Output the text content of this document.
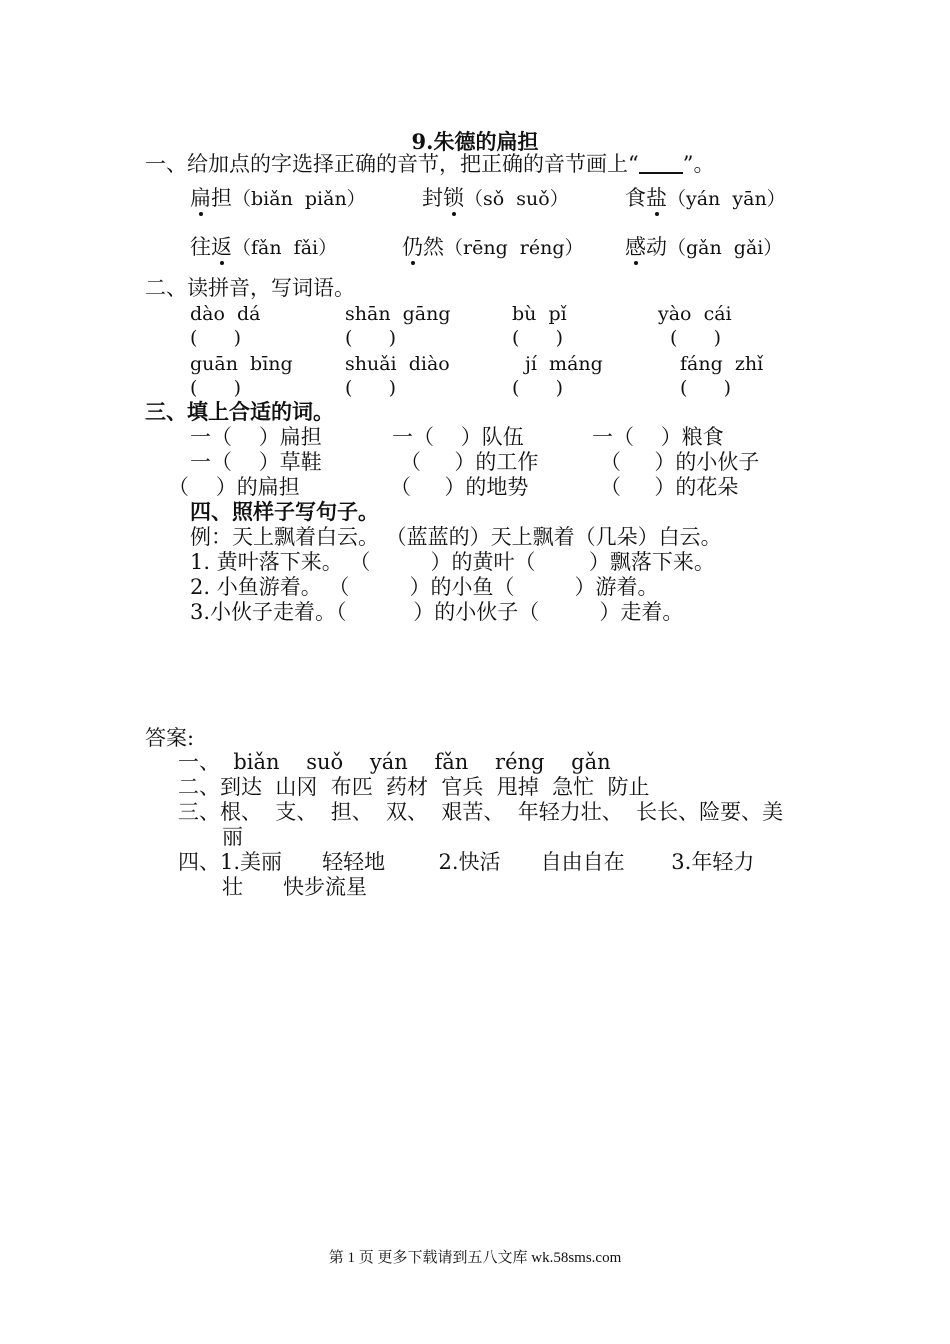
9.朱德的扁担
一、给加点的字选择正确的音节，把正确的音节画上“ ”。
扁担（biǎn  piǎn）	封锁（sǒ  suǒ）	食盐（yán  yān）
往返（fǎn  fǎi）	仍然（rēng  réng） 感动（gǎn  gǎi）
二、读拼音，写词语。
dào  dá	shān  gāng	bù  pǐ	yào  cái
(      )	(      )	(      )	(      )
guān  bīng	shuǎi  diào	jí  máng	fáng  zhǐ
(      )	(      )	(      )	(      )
三、填上合适的词。
一（    ）扁担	一（    ）队伍	一（    ）粮食
一（    ）草鞋	（     ）的工作	（     ）的小伙子
（    ）的扁担	（     ）的地势	（     ）的花朵
四、照样子写句子。
例：天上飘着白云。 （蓝蓝的）天上飘着（几朵）白云。
1. 黄叶落下来。 （         ）的黄叶（        ）飘落下来。
2. 小鱼游着。 （         ）的小鱼（         ）游着。
3.小伙子走着。（          ）的小伙子（         ）走着。
答案:
一、  biǎn    suǒ    yán    fǎn    réng    gǎn
二、到达  山冈  布匹  药材  官兵  甩掉  急忙  防止
三、根、  支、  担、  双、  艰苦、  年轻力壮、  长长、险要、美
丽
四、1.美丽      轻轻地        2.快活      自由自在       3.年轻力
壮      快步流星
第 1 页 更多下载请到五八文库 wk.58sms.com
